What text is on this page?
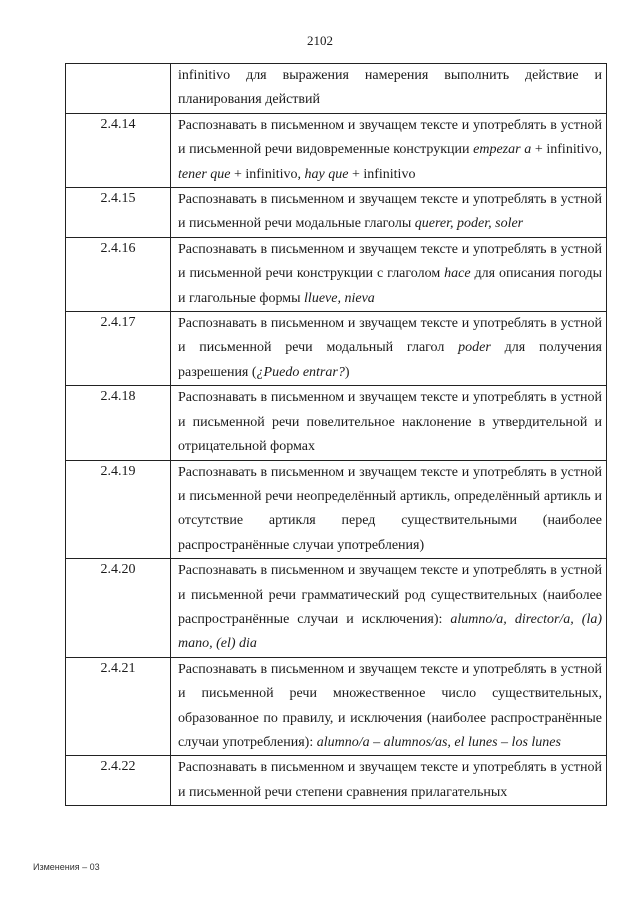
2102
	infinitivo для выражения намерения выполнить действие и планирования действий
2.4.14	Распознавать в письменном и звучащем тексте и употреблять в устной и письменной речи видовременные конструкции empezar a + infinitivo, tener que + infinitivo, hay que + infinitivo
2.4.15	Распознавать в письменном и звучащем тексте и употреблять в устной и письменной речи модальные глаголы querer, poder, soler
2.4.16	Распознавать в письменном и звучащем тексте и употреблять в устной и письменной речи конструкции с глаголом hace для описания погоды и глагольные формы llueve, nieva
2.4.17	Распознавать в письменном и звучащем тексте и употреблять в устной и письменной речи модальный глагол poder для получения разрешения (¿Puedo entrar?)
2.4.18	Распознавать в письменном и звучащем тексте и употреблять в устной и письменной речи повелительное наклонение в утвердительной и отрицательной формах
2.4.19	Распознавать в письменном и звучащем тексте и употреблять в устной и письменной речи неопределённый артикль, определённый артикль и отсутствие артикля перед существительными (наиболее распространённые случаи употребления)
2.4.20	Распознавать в письменном и звучащем тексте и употреблять в устной и письменной речи грамматический род существительных (наиболее распространённые случаи и исключения): alumno/a, director/a, (la) mano, (el) dia
2.4.21	Распознавать в письменном и звучащем тексте и употреблять в устной и письменной речи множественное число существительных, образованное по правилу, и исключения (наиболее распространённые случаи употребления): alumno/a – alumnos/as, el lunes – los lunes
2.4.22	Распознавать в письменном и звучащем тексте и употреблять в устной и письменной речи степени сравнения прилагательных
Изменения – 03
